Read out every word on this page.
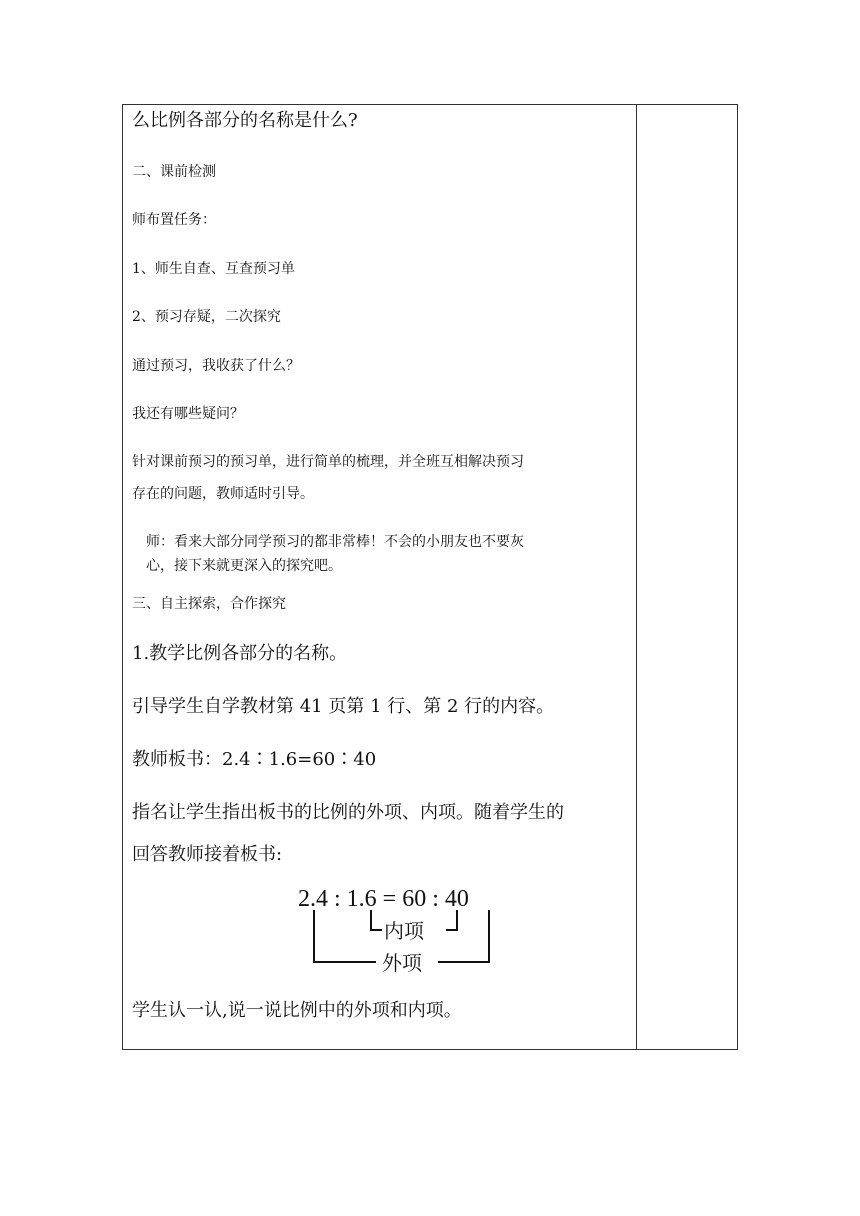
么比例各部分的名称是什么?
二、课前检测
师布置任务：
1、师生自查、互查预习单
2、预习存疑，二次探究
通过预习，我收获了什么？
我还有哪些疑问？
针对课前预习的预习单，进行简单的梳理，并全班互相解决预习
存在的问题，教师适时引导。
师：看来大部分同学预习的都非常棒！不会的小朋友也不要灰
心，接下来就更深入的探究吧。
三、自主探索，合作探究
1.教学比例各部分的名称。
引导学生自学教材第 41 页第 1 行、第 2 行的内容。
教师板书：2.4∶1.6=60∶40
指名让学生指出板书的比例的外项、内项。随着学生的
回答教师接着板书:
2.4 : 1.6 = 60 : 40
内项
外项
学生认一认,说一说比例中的外项和内项。
